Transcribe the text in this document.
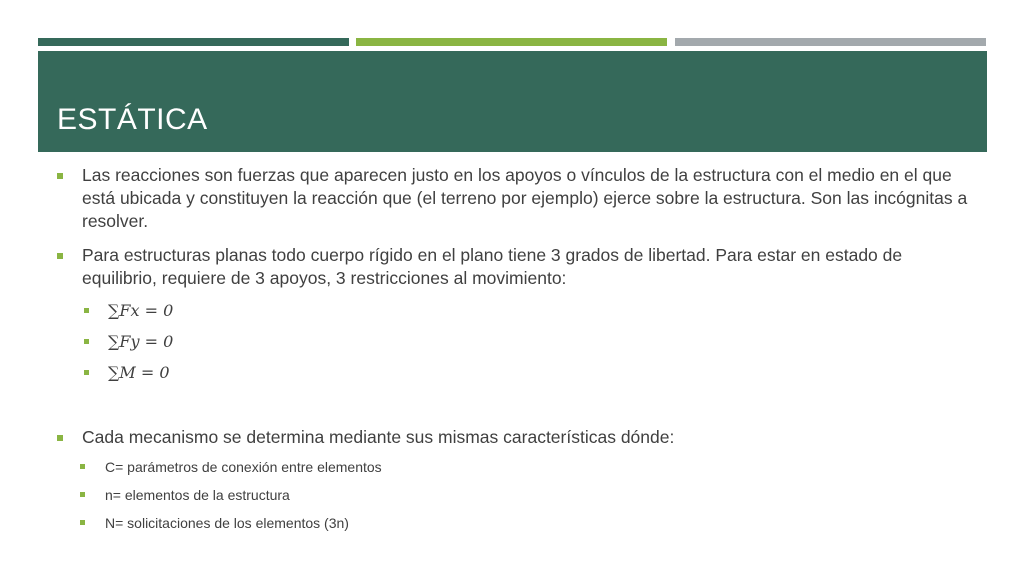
ESTÁTICA
Las reacciones son fuerzas que aparecen justo en los apoyos o vínculos de la estructura con el medio en el que está ubicada y constituyen la reacción que (el terreno por ejemplo) ejerce sobre la estructura. Son las incógnitas a resolver.
Para estructuras planas todo cuerpo rígido en el plano tiene 3 grados de libertad. Para estar en estado de equilibrio, requiere de 3 apoyos, 3 restricciones al movimiento:
∑𝐹𝑥 = 0
∑𝐹𝑦 = 0
∑𝑀 = 0
Cada mecanismo se determina mediante sus mismas características dónde:
C= parámetros de conexión entre elementos
n= elementos de la estructura
N= solicitaciones de los elementos (3n)
